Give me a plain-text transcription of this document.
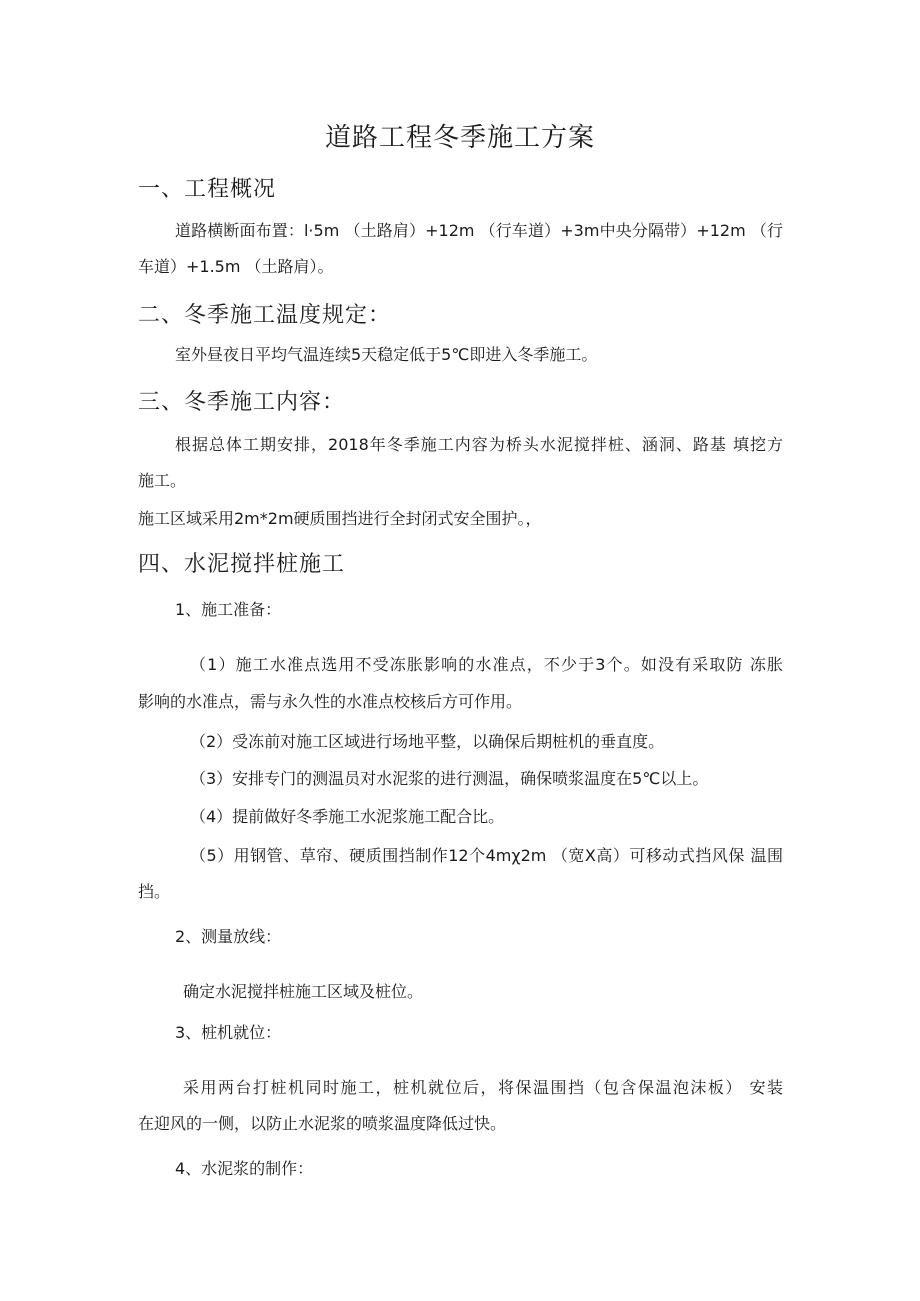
道路工程冬季施工方案
一、工程概况
道路横断面布置：l·5m （土路肩）+12m （行车道）+3m中央分隔带）+12m （行
车道）+1.5m （土路肩）。
二、冬季施工温度规定：
室外昼夜日平均气温连续5天稳定低于5℃即进入冬季施工。
三、冬季施工内容：
根据总体工期安排，2018年冬季施工内容为桥头水泥搅拌桩、涵洞、路基 填挖方
施工。
施工区域采用2m*2m硬质围挡进行全封闭式安全围护。，
四、水泥搅拌桩施工
1、施工准备：
（1）施工水准点选用不受冻胀影响的水准点，不少于3个。如没有采取防 冻胀
影响的水准点，需与永久性的水准点校核后方可作用。
（2）受冻前对施工区域进行场地平整，以确保后期桩机的垂直度。
（3）安排专门的测温员对水泥浆的进行测温，确保喷浆温度在5℃以上。
（4）提前做好冬季施工水泥浆施工配合比。
（5）用钢管、草帘、硬质围挡制作12个4mχ2m （宽X高）可移动式挡风保 温围
挡。
2、测量放线：
确定水泥搅拌桩施工区域及桩位。
3、桩机就位：
采用两台打桩机同时施工，桩机就位后，将保温围挡（包含保温泡沫板） 安装
在迎风的一侧，以防止水泥浆的喷浆温度降低过快。
4、水泥浆的制作：
